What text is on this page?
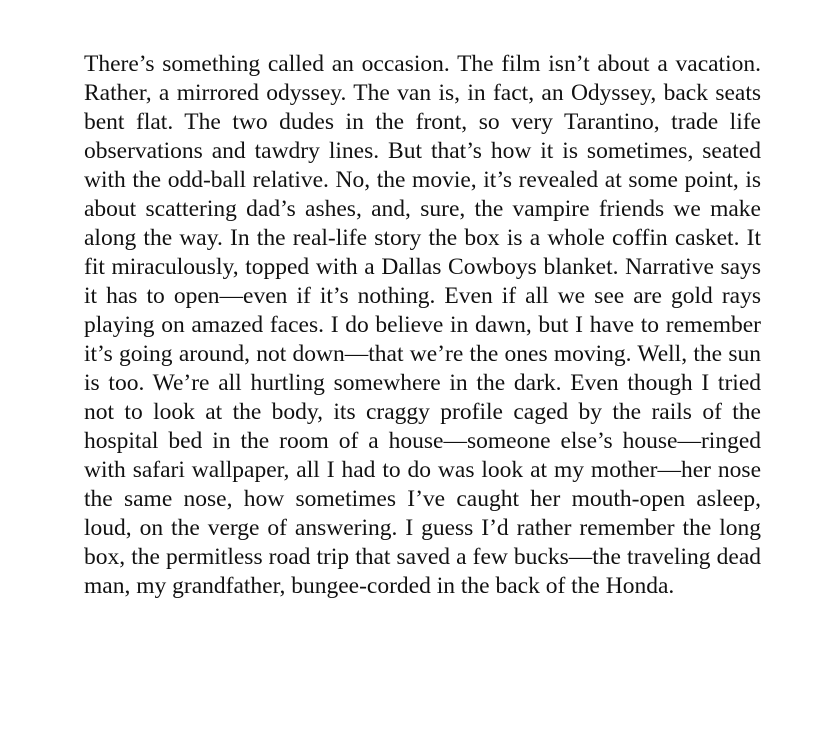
There’s something called an occasion. The film isn’t about a vacation. Rather, a mirrored odyssey. The van is, in fact, an Odyssey, back seats bent flat. The two dudes in the front, so very Tarantino, trade life observations and tawdry lines. But that’s how it is sometimes, seated with the odd-ball relative. No, the movie, it’s revealed at some point, is about scattering dad’s ashes, and, sure, the vampire friends we make along the way. In the real-life story the box is a whole coffin casket. It fit miraculously, topped with a Dallas Cowboys blanket. Narrative says it has to open—even if it’s nothing. Even if all we see are gold rays playing on amazed faces. I do believe in dawn, but I have to remember it’s going around, not down—that we’re the ones moving. Well, the sun is too. We’re all hurtling somewhere in the dark. Even though I tried not to look at the body, its craggy profile caged by the rails of the hospital bed in the room of a house—someone else’s house—ringed with safari wallpaper, all I had to do was look at my mother—her nose the same nose, how sometimes I’ve caught her mouth-open asleep, loud, on the verge of answering. I guess I’d rather remember the long box, the permitless road trip that saved a few bucks—the traveling dead man, my grandfather, bungee-corded in the back of the Honda.
